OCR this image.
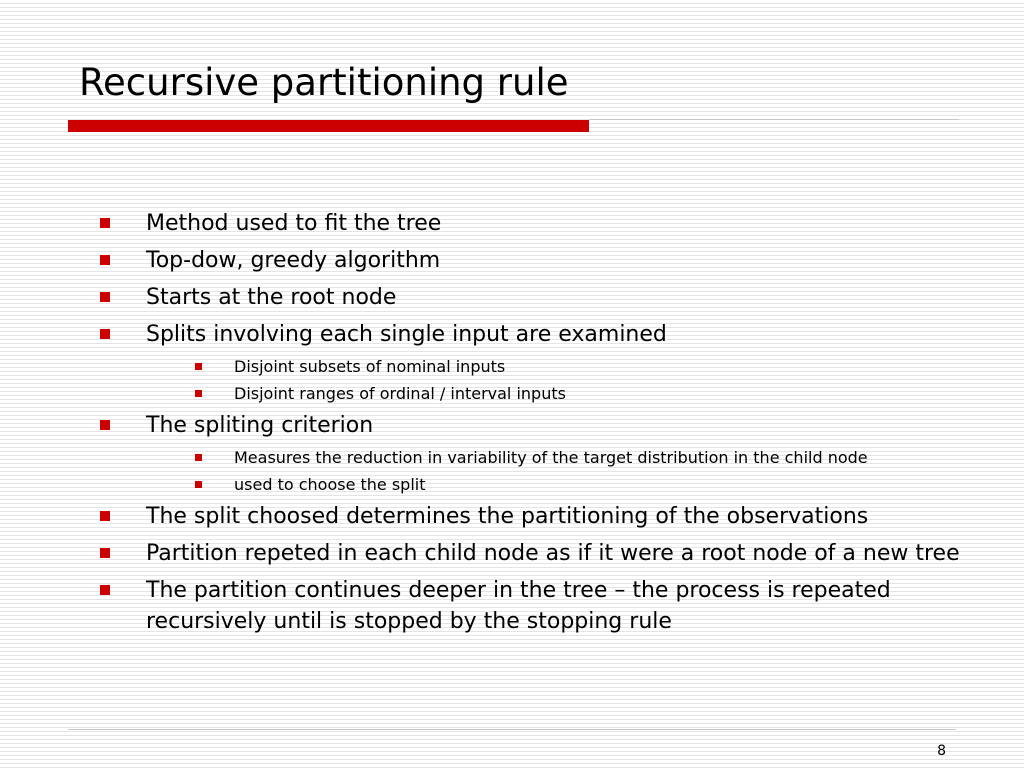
Recursive partitioning rule
Method used to fit the tree
Top-dow, greedy algorithm
Starts at the root node
Splits involving each single input are examined
Disjoint subsets of nominal inputs
Disjoint ranges of ordinal / interval inputs
The spliting criterion
Measures the reduction in variability of the target distribution in the child node
used to choose the split
The split choosed determines the partitioning of the observations
Partition repeted in each child node as if it were a root node of a new tree
The partition continues deeper in the tree – the process is repeated recursively until is stopped by the stopping rule
8
